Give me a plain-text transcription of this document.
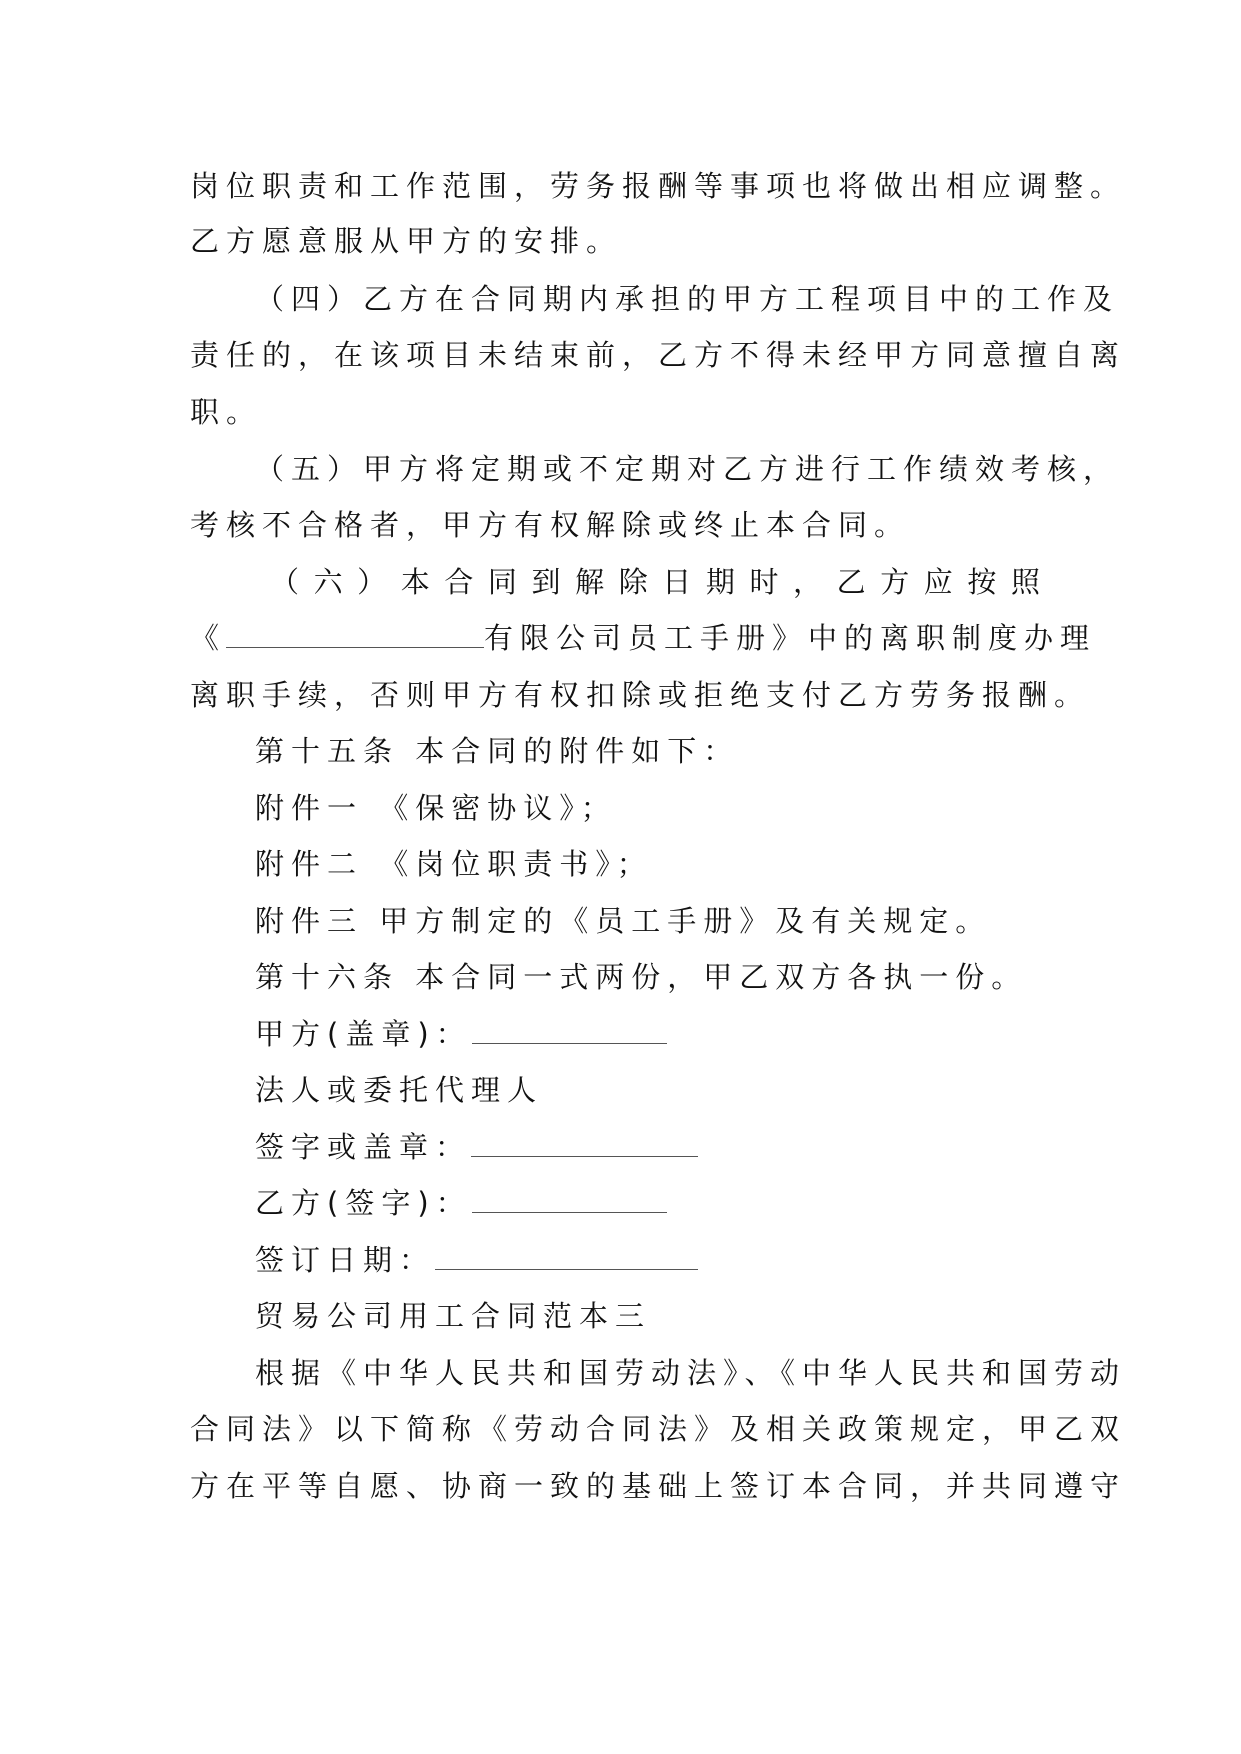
岗位职责和工作范围，劳务报酬等事项也将做出相应调整。
乙方愿意服从甲方的安排。
（四）乙方在合同期内承担的甲方工程项目中的工作及
责任的，在该项目未结束前，乙方不得未经甲方同意擅自离
职。
（五）甲方将定期或不定期对乙方进行工作绩效考核，
考核不合格者，甲方有权解除或终止本合同。
（六）本合同到解除日期时，乙方应按照
《	有限公司员工手册》中的离职制度办理
离职手续，否则甲方有权扣除或拒绝支付乙方劳务报酬。
第十五条 本合同的附件如下：
附件一 《保密协议》；
附件二 《岗位职责书》；
附件三 甲方制定的《员工手册》及有关规定。
第十六条 本合同一式两份，甲乙双方各执一份。
甲方(盖章)：
法人或委托代理人
签字或盖章：
乙方(签字)：
签订日期：
贸易公司用工合同范本三
根据《中华人民共和国劳动法》、《中华人民共和国劳动
合同法》以下简称《劳动合同法》及相关政策规定，甲乙双
方在平等自愿、协商一致的基础上签订本合同，并共同遵守
